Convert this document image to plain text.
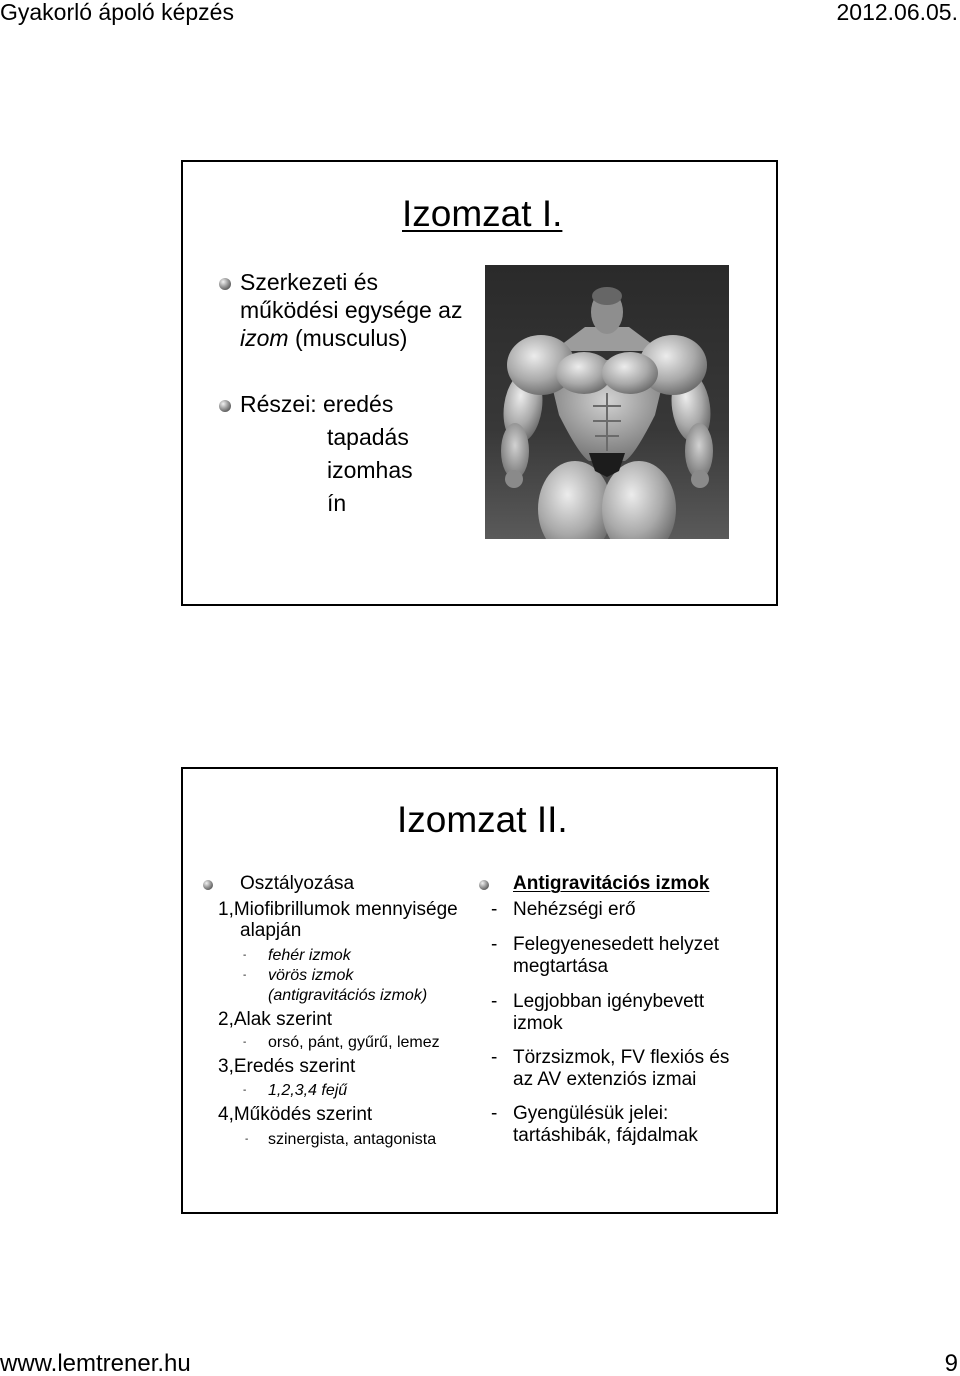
Gyakorló ápoló képzés	2012.06.05.
Izomzat I.
Szerkezeti és
működési egysége az
izom (musculus)
Részei: eredés
tapadás
izomhas
ín
Izomzat II.
Osztályozása
1,Miofibrillumok mennyisége
alapján
- fehér izmok
- vörös izmok
(antigravitációs izmok)
2,Alak szerint
- orsó, pánt, gyűrű, lemez
3,Eredés szerint
- 1,2,3,4 fejű
4,Működés szerint
- szinergista, antagonista
Antigravitációs izmok
- Nehézségi erő
- Felegyenesedett helyzet
megtartása
- Legjobban igénybevett
izmok
- Törzsizmok, FV flexiós és
az AV extenziós izmai
- Gyengülésük jelei:
tartáshibák, fájdalmak
www.lemtrener.hu	9
